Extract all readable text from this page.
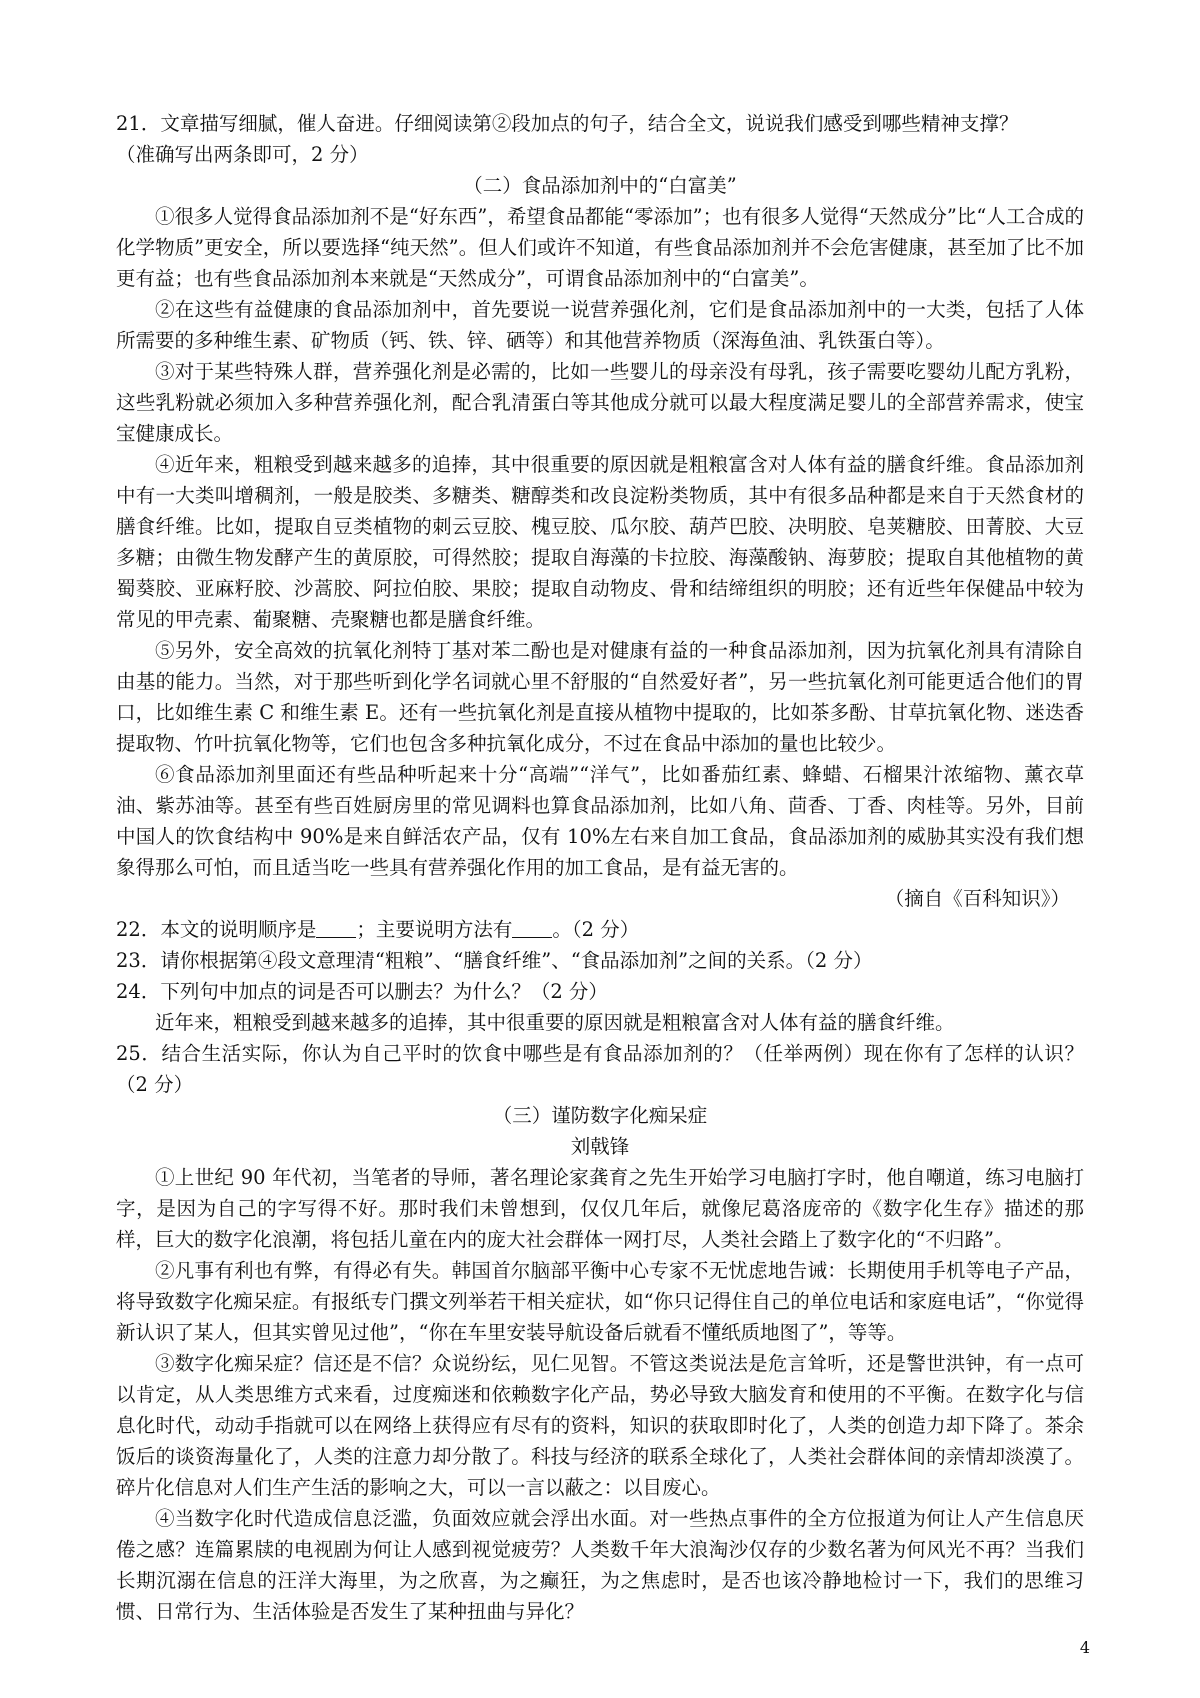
21．文章描写细腻，催人奋进。仔细阅读第②段加点的句子，结合全文，说说我们感受到哪些精神支撑？

（准确写出两条即可，2 分）

（二）食品添加剂中的“白富美”

①很多人觉得食品添加剂不是“好东西”，希望食品都能“零添加”；也有很多人觉得“天然成分”比“人工合成的化学物质”更安全，所以要选择“纯天然”。但人们或许不知道，有些食品添加剂并不会危害健康，甚至加了比不加更有益；也有些食品添加剂本来就是“天然成分”，可谓食品添加剂中的“白富美”。

②在这些有益健康的食品添加剂中，首先要说一说营养强化剂，它们是食品添加剂中的一大类，包括了人体所需要的多种维生素、矿物质（钙、铁、锌、硒等）和其他营养物质（深海鱼油、乳铁蛋白等）。

③对于某些特殊人群，营养强化剂是必需的，比如一些婴儿的母亲没有母乳，孩子需要吃婴幼儿配方乳粉，这些乳粉就必须加入多种营养强化剂，配合乳清蛋白等其他成分就可以最大程度满足婴儿的全部营养需求，使宝宝健康成长。

④近年来，粗粮受到越来越多的追捧，其中很重要的原因就是粗粮富含对人体有益的膳食纤维。食品添加剂中有一大类叫增稠剂，一般是胶类、多糖类、糖醇类和改良淀粉类物质，其中有很多品种都是来自于天然食材的膳食纤维。比如，提取自豆类植物的刺云豆胶、槐豆胶、瓜尔胶、葫芦巴胶、决明胶、皂荚糖胶、田菁胶、大豆多糖；由微生物发酵产生的黄原胶，可得然胶；提取自海藻的卡拉胶、海藻酸钠、海萝胶；提取自其他植物的黄蜀葵胶、亚麻籽胶、沙蒿胶、阿拉伯胶、果胶；提取自动物皮、骨和结缔组织的明胶；还有近些年保健品中较为常见的甲壳素、葡聚糖、壳聚糖也都是膳食纤维。

⑤另外，安全高效的抗氧化剂特丁基对苯二酚也是对健康有益的一种食品添加剂，因为抗氧化剂具有清除自由基的能力。当然，对于那些听到化学名词就心里不舒服的“自然爱好者”，另一些抗氧化剂可能更适合他们的胃口，比如维生素 C 和维生素 E。还有一些抗氧化剂是直接从植物中提取的，比如茶多酚、甘草抗氧化物、迷迭香提取物、竹叶抗氧化物等，它们也包含多种抗氧化成分，不过在食品中添加的量也比较少。

⑥食品添加剂里面还有些品种听起来十分“高端”“洋气”，比如番茄红素、蜂蜡、石榴果汁浓缩物、薰衣草油、紫苏油等。甚至有些百姓厨房里的常见调料也算食品添加剂，比如八角、茴香、丁香、肉桂等。另外，目前中国人的饮食结构中 90%是来自鲜活农产品，仅有 10%左右来自加工食品，食品添加剂的威胁其实没有我们想象得那么可怕，而且适当吃一些具有营养强化作用的加工食品，是有益无害的。

（摘自《百科知识》）

22．本文的说明顺序是 ；主要说明方法有 。（2 分）

23．请你根据第④段文意理清“粗粮”、“膳食纤维”、“食品添加剂”之间的关系。（2 分）

24．下列句中加点的词是否可以删去？为什么？（2 分）

近年来，粗粮受到越来越多的追捧，其中很重要的原因就是粗粮富含对人体有益的膳食纤维。

25．结合生活实际，你认为自己平时的饮食中哪些是有食品添加剂的？（任举两例）现在你有了怎样的认识？（2 分）

（三）谨防数字化痴呆症

刘戟锋

①上世纪 90 年代初，当笔者的导师，著名理论家龚育之先生开始学习电脑打字时，他自嘲道，练习电脑打字，是因为自己的字写得不好。那时我们未曾想到，仅仅几年后，就像尼葛洛庞帝的《数字化生存》描述的那样，巨大的数字化浪潮，将包括儿童在内的庞大社会群体一网打尽，人类社会踏上了数字化的“不归路”。

②凡事有利也有弊，有得必有失。韩国首尔脑部平衡中心专家不无忧虑地告诫：长期使用手机等电子产品，将导致数字化痴呆症。有报纸专门撰文列举若干相关症状，如“你只记得住自己的单位电话和家庭电话”，“你觉得新认识了某人，但其实曾见过他”，“你在车里安装导航设备后就看不懂纸质地图了”，等等。

③数字化痴呆症？信还是不信？众说纷纭，见仁见智。不管这类说法是危言耸听，还是警世洪钟，有一点可以肯定，从人类思维方式来看，过度痴迷和依赖数字化产品，势必导致大脑发育和使用的不平衡。在数字化与信息化时代，动动手指就可以在网络上获得应有尽有的资料，知识的获取即时化了，人类的创造力却下降了。茶余饭后的谈资海量化了，人类的注意力却分散了。科技与经济的联系全球化了，人类社会群体间的亲情却淡漠了。碎片化信息对人们生产生活的影响之大，可以一言以蔽之：以目废心。

④当数字化时代造成信息泛滥，负面效应就会浮出水面。对一些热点事件的全方位报道为何让人产生信息厌倦之感？连篇累牍的电视剧为何让人感到视觉疲劳？人类数千年大浪淘沙仅存的少数名著为何风光不再？当我们长期沉溺在信息的汪洋大海里，为之欣喜，为之癫狂，为之焦虑时，是否也该冷静地检讨一下，我们的思维习惯、日常行为、生活体验是否发生了某种扭曲与异化？

4
